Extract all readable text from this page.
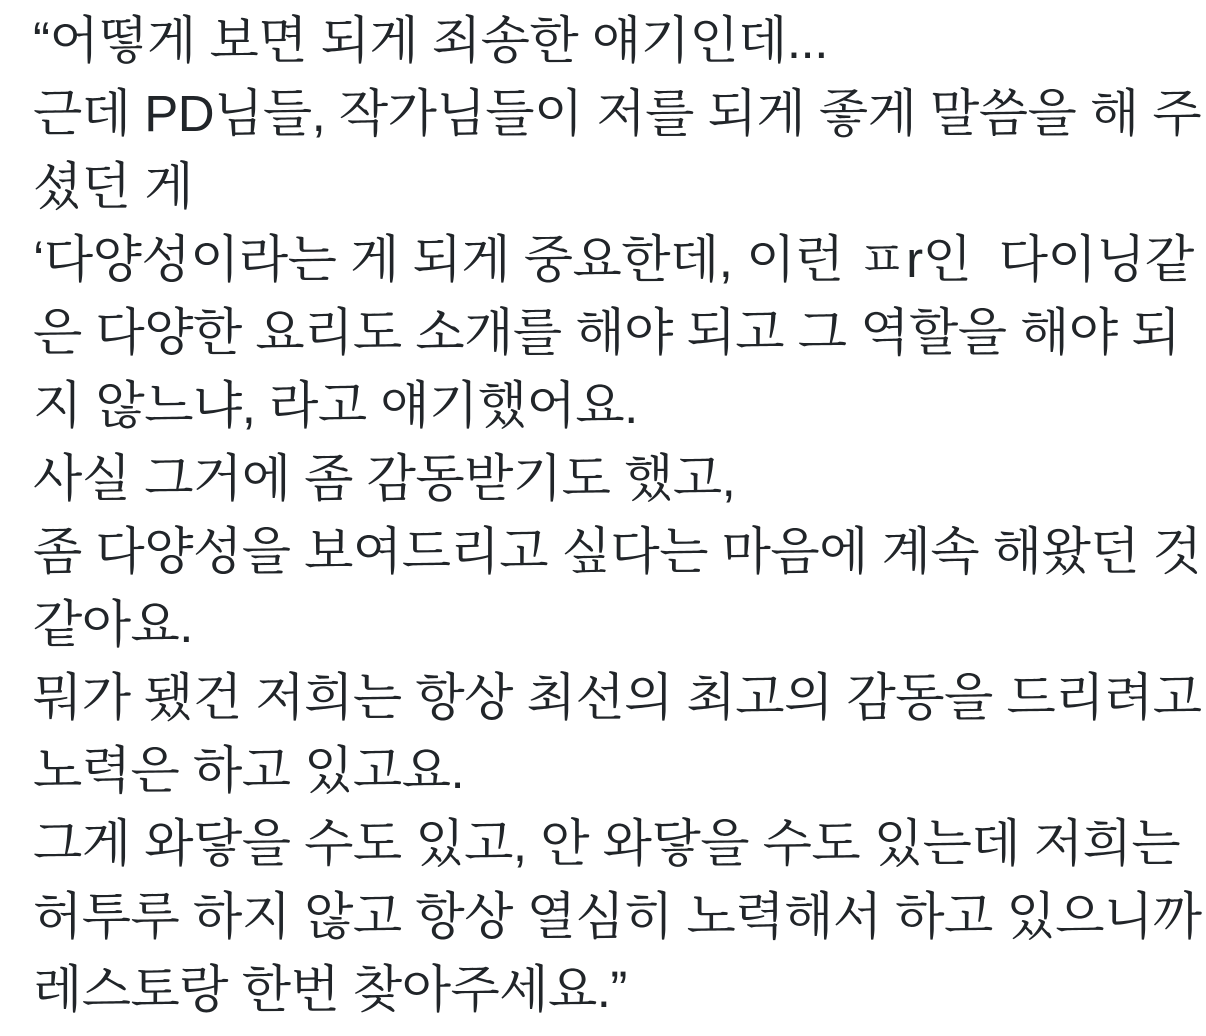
“어떻게 보면 되게 죄송한 얘기인데...
근데 PD님들, 작가님들이 저를 되게 좋게 말씀을 해 주
셨던 게
‘다양성이라는 게 되게 중요한데, 이런 ㅍr인  다이닝같
은 다양한 요리도 소개를 해야 되고 그 역할을 해야 되
지 않느냐, 라고 얘기했어요.
사실 그거에 좀 감동받기도 했고,
좀 다양성을 보여드리고 싶다는 마음에 계속 해왔던 것
같아요.
뭐가 됐건 저희는 항상 최선의 최고의 감동을 드리려고
노력은 하고 있고요.
그게 와닿을 수도 있고, 안 와닿을 수도 있는데 저희는
허투루 하지 않고 항상 열심히 노력해서 하고 있으니까
레스토랑 한번 찾아주세요.”
